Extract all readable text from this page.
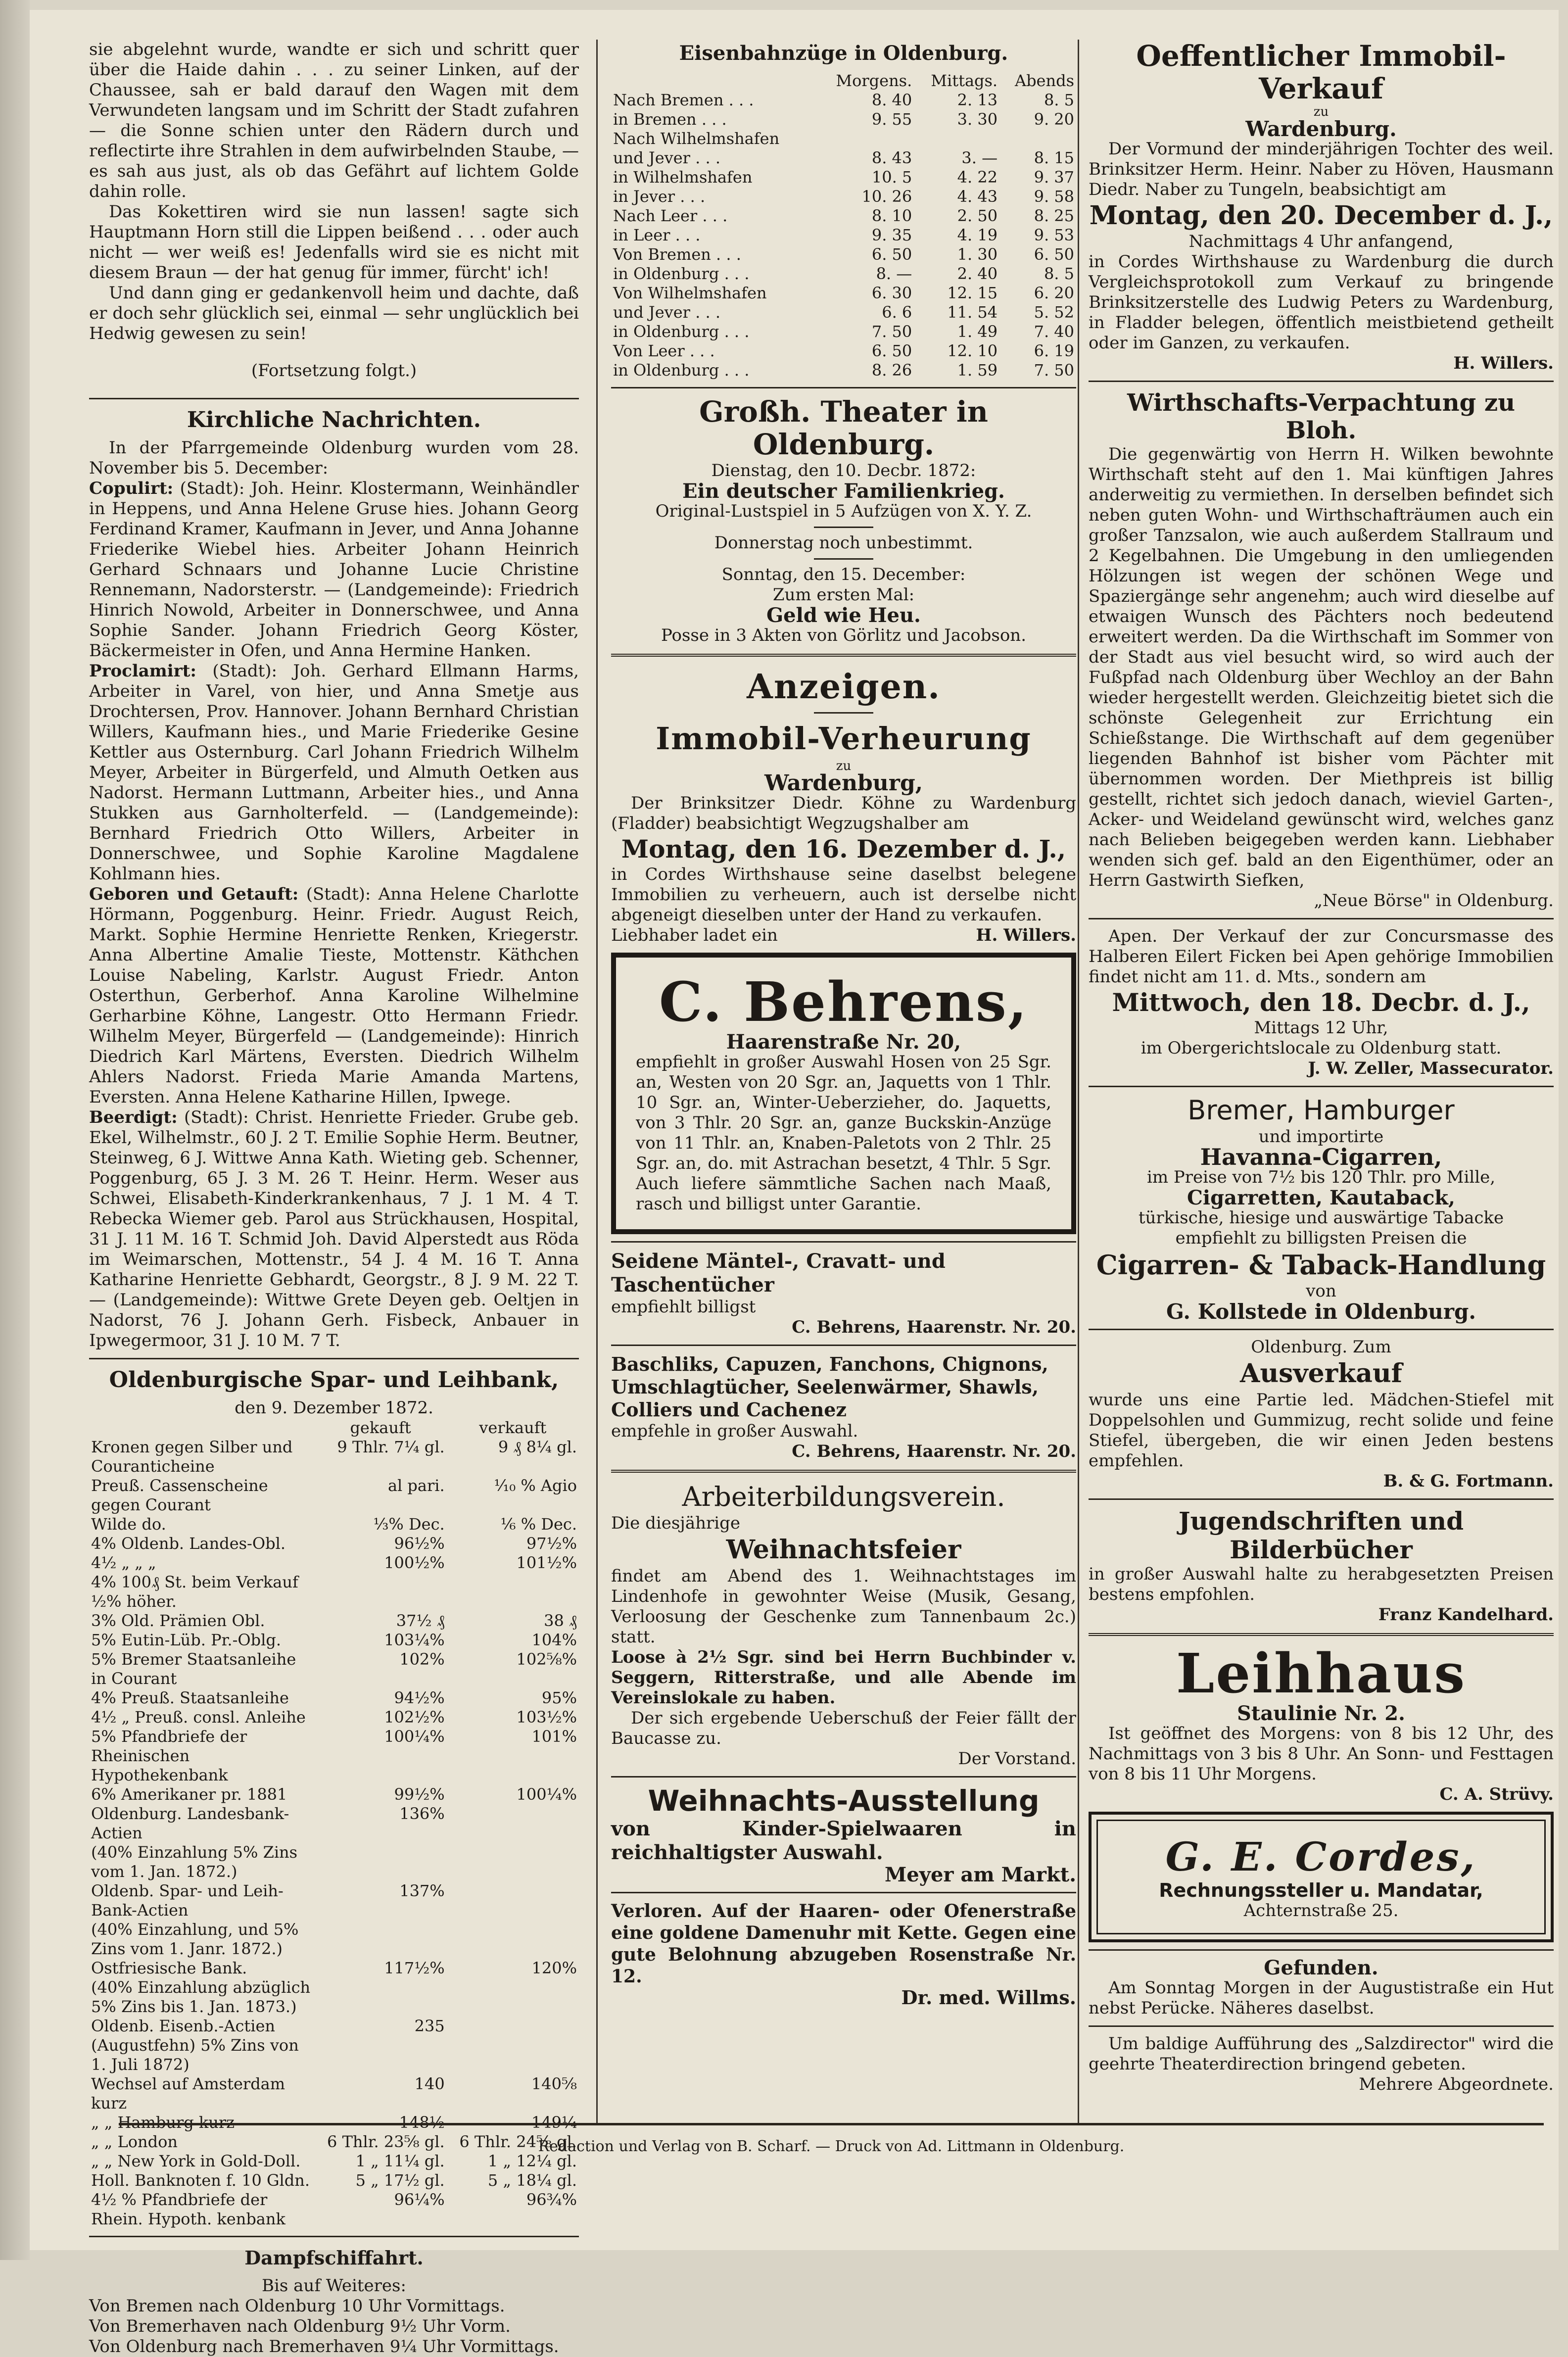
sie abgelehnt wurde, wandte er sich und schritt quer über die Haide dahin . . . zu seiner Linken, auf der Chaussee, sah er bald darauf den Wagen mit dem Verwundeten langsam und im Schritt der Stadt zufahren — die Sonne schien unter den Rädern durch und reflectirte ihre Strahlen in dem aufwirbelnden Staube, — es sah aus just, als ob das Gefährt auf lichtem Golde dahin rolle.

Das Kokettiren wird sie nun lassen! sagte sich Hauptmann Horn still die Lippen beißend . . . oder auch nicht — wer weiß es! Jedenfalls wird sie es nicht mit diesem Braun — der hat genug für immer, fürcht' ich!

Und dann ging er gedankenvoll heim und dachte, daß er doch sehr glücklich sei, einmal — sehr unglücklich bei Hedwig gewesen zu sein!

(Fortsetzung folgt.)

Kirchliche Nachrichten.

In der Pfarrgemeinde Oldenburg wurden vom 28. November bis 5. December:

Copulirt: (Stadt): Joh. Heinr. Klostermann, Weinhändler in Heppens, und Anna Helene Gruse hies. Johann Georg Ferdinand Kramer, Kaufmann in Jever, und Anna Johanne Friederike Wiebel hies. Arbeiter Johann Heinrich Gerhard Schnaars und Johanne Lucie Christine Rennemann, Nadorsterstr. — (Landgemeinde): Friedrich Hinrich Nowold, Arbeiter in Donnerschwee, und Anna Sophie Sander. Johann Friedrich Georg Köster, Bäckermeister in Ofen, und Anna Hermine Hanken.

Proclamirt: (Stadt): Joh. Gerhard Ellmann Harms, Arbeiter in Varel, von hier, und Anna Smetje aus Drochtersen, Prov. Hannover. Johann Bernhard Christian Willers, Kaufmann hies., und Marie Friederike Gesine Kettler aus Osternburg. Carl Johann Friedrich Wilhelm Meyer, Arbeiter in Bürgerfeld, und Almuth Oetken aus Nadorst. Hermann Luttmann, Arbeiter hies., und Anna Stukken aus Garnholterfeld. — (Landgemeinde): Bernhard Friedrich Otto Willers, Arbeiter in Donnerschwee, und Sophie Karoline Magdalene Kohlmann hies.

Geboren und Getauft: (Stadt): Anna Helene Charlotte Hörmann, Poggenburg. Heinr. Friedr. August Reich, Markt. Sophie Hermine Henriette Renken, Kriegerstr. Anna Albertine Amalie Tieste, Mottenstr. Käthchen Louise Nabeling, Karlstr. August Friedr. Anton Osterthun, Gerberhof. Anna Karoline Wilhelmine Gerharbine Köhne, Langestr. Otto Hermann Friedr. Wilhelm Meyer, Bürgerfeld — (Landgemeinde): Hinrich Diedrich Karl Märtens, Eversten. Diedrich Wilhelm Ahlers Nadorst. Frieda Marie Amanda Martens, Eversten. Anna Helene Katharine Hillen, Ipwege.

Beerdigt: (Stadt): Christ. Henriette Frieder. Grube geb. Ekel, Wilhelmstr., 60 J. 2 T. Emilie Sophie Herm. Beutner, Steinweg, 6 J. Wittwe Anna Kath. Wieting geb. Schenner, Poggenburg, 65 J. 3 M. 26 T. Heinr. Herm. Weser aus Schwei, Elisabeth-Kinderkrankenhaus, 7 J. 1 M. 4 T. Rebecka Wiemer geb. Parol aus Strückhausen, Hospital, 31 J. 11 M. 16 T. Schmid Joh. David Alperstedt aus Röda im Weimarschen, Mottenstr., 54 J. 4 M. 16 T. Anna Katharine Henriette Gebhardt, Georgstr., 8 J. 9 M. 22 T. — (Landgemeinde): Wittwe Grete Deyen geb. Oeltjen in Nadorst, 76 J. Johann Gerh. Fisbeck, Anbauer in Ipwegermoor, 31 J. 10 M. 7 T.

Oldenburgische Spar- und Leihbank,
den 9. Dezember 1872.
	gekauft	verkauft
Kronen gegen Silber und Couranticheine	9 Thlr. 7¼ gl.	9 ₰ 8¼ gl.
Preuß. Cassenscheine gegen Courant	al pari.	⅟₁₀ % Agio
Wilde do.	⅓% Dec.	⅙ % Dec.
4% Oldenb. Landes-Obl.	96½%	97½%
4½ „ „ „	100½%	101½%
4% 100₰ St. beim Verkauf ½% höher.		
3% Old. Prämien Obl.	37½ ₰	38 ₰
5% Eutin-Lüb. Pr.-Oblg.	103¼%	104%
5% Bremer Staatsanleihe in Courant	102%	102⅝%
4% Preuß. Staatsanleihe	94½%	95%
4½ „ Preuß. consl. Anleihe	102½%	103½%
5% Pfandbriefe der Rheinischen Hypothekenbank	100¼%	101%
6% Amerikaner pr. 1881	99½%	100¼%
Oldenburg. Landesbank-Actien	136%	
(40% Einzahlung 5% Zins vom 1. Jan. 1872.)		
Oldenb. Spar- und Leih-Bank-Actien	137%	
(40% Einzahlung, und 5% Zins vom 1. Janr. 1872.)		
Ostfriesische Bank.	117½%	120%
(40% Einzahlung abzüglich 5% Zins bis 1. Jan. 1873.)		
Oldenb. Eisenb.-Actien (Augustfehn) 5% Zins von 1. Juli 1872)	235	
Wechsel auf Amsterdam kurz	140	140⅝
„ „ Hamburg kurz	148½	149¼
„ „ London	6 Thlr. 23⅝ gl.	6 Thlr. 24⅝ gl.
„ „ New York in Gold-Doll.	1 „ 11¼ gl.	1 „ 12¼ gl.
Holl. Banknoten f. 10 Gldn.	5 „ 17½ gl.	5 „ 18¼ gl.
4½ % Pfandbriefe der Rhein. Hypoth. kenbank	96¼%	96¾%
Dampfschiffahrt.
Bis auf Weiteres:
Von Bremen nach Oldenburg 10 Uhr Vormittags.
Von Bremerhaven nach Oldenburg 9½ Uhr Vorm.
Von Oldenburg nach Bremerhaven 9¼ Uhr Vormittags.
Eisenbahnzüge in Oldenburg.
	Morgens.	Mittags.	Abends
Nach Bremen . . .	8. 40	2. 13	8. 5
in Bremen . . .	9. 55	3. 30	9. 20
Nach Wilhelmshafen			
und Jever . . .	8. 43	3. —	8. 15
in Wilhelmshafen	10. 5	4. 22	9. 37
in Jever . . .	10. 26	4. 43	9. 58
Nach Leer . . .	8. 10	2. 50	8. 25
in Leer . . .	9. 35	4. 19	9. 53
Von Bremen . . .	6. 50	1. 30	6. 50
in Oldenburg . . .	8. —	2. 40	8. 5
Von Wilhelmshafen	6. 30	12. 15	6. 20
und Jever . . .	6. 6	11. 54	5. 52
in Oldenburg . . .	7. 50	1. 49	7. 40
Von Leer . . .	6. 50	12. 10	6. 19
in Oldenburg . . .	8. 26	1. 59	7. 50
Großh. Theater in Oldenburg.
Dienstag, den 10. Decbr. 1872:
Ein deutscher Familienkrieg.
Original-Lustspiel in 5 Aufzügen von X. Y. Z.
Donnerstag noch unbestimmt.
Sonntag, den 15. December:
Zum ersten Mal:
Geld wie Heu.
Posse in 3 Akten von Görlitz und Jacobson.
Anzeigen.
Immobil-Verheurung
zu
Wardenburg,

Der Brinksitzer Diedr. Köhne zu Wardenburg (Fladder) beabsichtigt Wegzugshalber am

Montag, den 16. Dezember d. J.,

in Cordes Wirthshause seine daselbst belegene Immobilien zu verheuern, auch ist derselbe nicht abgeneigt dieselben unter der Hand zu verkaufen.

Liebhaber ladet ein	H. Willers.
C. Behrens,
Haarenstraße Nr. 20,

empfiehlt in großer Auswahl Hosen von 25 Sgr. an, Westen von 20 Sgr. an, Jaquetts von 1 Thlr. 10 Sgr. an, Winter-Ueberzieher, do. Jaquetts, von 3 Thlr. 20 Sgr. an, ganze Buckskin-Anzüge von 11 Thlr. an, Knaben-Paletots von 2 Thlr. 25 Sgr. an, do. mit Astrachan besetzt, 4 Thlr. 5 Sgr. Auch liefere sämmtliche Sachen nach Maaß, rasch und billigst unter Garantie.

Seidene Mäntel-, Cravatt- und Taschentücher
empfiehlt billigst
C. Behrens, Haarenstr. Nr. 20.
Baschliks, Capuzen, Fanchons, Chignons, Umschlagtücher, Seelenwärmer, Shawls, Colliers und Cachenez
empfehle in großer Auswahl.
C. Behrens, Haarenstr. Nr. 20.
Arbeiterbildungsverein.
Die diesjährige
Weihnachtsfeier

findet am Abend des 1. Weihnachtstages im Lindenhofe in gewohnter Weise (Musik, Gesang, Verloosung der Geschenke zum Tannenbaum 2c.) statt.

Loose à 2½ Sgr. sind bei Herrn Buchbinder v. Seggern, Ritterstraße, und alle Abende im Vereinslokale zu haben.

Der sich ergebende Ueberschuß der Feier fällt der Baucasse zu.

Der Vorstand.
Weihnachts-Ausstellung
von Kinder-Spielwaaren in reichhaltigster Auswahl.
Meyer am Markt.

Verloren. Auf der Haaren- oder Ofenerstraße eine goldene Damenuhr mit Kette. Gegen eine gute Belohnung abzugeben Rosenstraße Nr. 12.

Dr. med. Willms.
Oeffentlicher Immobil-Verkauf
zu
Wardenburg.

Der Vormund der minderjährigen Tochter des weil. Brinksitzer Herm. Heinr. Naber zu Höven, Hausmann Diedr. Naber zu Tungeln, beabsichtigt am

Montag, den 20. December d. J.,
Nachmittags 4 Uhr anfangend,

in Cordes Wirthshause zu Wardenburg die durch Vergleichsprotokoll zum Verkauf zu bringende Brinksitzerstelle des Ludwig Peters zu Wardenburg, in Fladder belegen, öffentlich meistbietend getheilt oder im Ganzen, zu verkaufen.

H. Willers.
Wirthschafts-Verpachtung zu Bloh.

Die gegenwärtig von Herrn H. Wilken bewohnte Wirthschaft steht auf den 1. Mai künftigen Jahres anderweitig zu vermiethen. In derselben befindet sich neben guten Wohn- und Wirthschafträumen auch ein großer Tanzsalon, wie auch außerdem Stallraum und 2 Kegelbahnen. Die Umgebung in den umliegenden Hölzungen ist wegen der schönen Wege und Spaziergänge sehr angenehm; auch wird dieselbe auf etwaigen Wunsch des Pächters noch bedeutend erweitert werden. Da die Wirthschaft im Sommer von der Stadt aus viel besucht wird, so wird auch der Fußpfad nach Oldenburg über Wechloy an der Bahn wieder hergestellt werden. Gleichzeitig bietet sich die schönste Gelegenheit zur Errichtung ein Schießstange. Die Wirthschaft auf dem gegenüber liegenden Bahnhof ist bisher vom Pächter mit übernommen worden. Der Miethpreis ist billig gestellt, richtet sich jedoch danach, wieviel Garten-, Acker- und Weideland gewünscht wird, welches ganz nach Belieben beigegeben werden kann. Liebhaber wenden sich gef. bald an den Eigenthümer, oder an Herrn Gastwirth Siefken,

„Neue Börse" in Oldenburg.

Apen. Der Verkauf der zur Concursmasse des Halberen Eilert Ficken bei Apen gehörige Immobilien findet nicht am 11. d. Mts., sondern am

Mittwoch, den 18. Decbr. d. J.,
Mittags 12 Uhr,
im Obergerichtslocale zu Oldenburg statt.
J. W. Zeller, Massecurator.
Bremer, Hamburger
und importirte
Havanna-Cigarren,
im Preise von 7½ bis 120 Thlr. pro Mille,
Cigarretten, Kautaback,
türkische, hiesige und auswärtige Tabacke
empfiehlt zu billigsten Preisen die
Cigarren- & Taback-Handlung
von
G. Kollstede in Oldenburg.
Oldenburg. Zum
Ausverkauf

wurde uns eine Partie led. Mädchen-Stiefel mit Doppelsohlen und Gummizug, recht solide und feine Stiefel, übergeben, die wir einen Jeden bestens empfehlen.

B. & G. Fortmann.
Jugendschriften und Bilderbücher

in großer Auswahl halte zu herabgesetzten Preisen bestens empfohlen.

Franz Kandelhard.
Leihhaus
Staulinie Nr. 2.

Ist geöffnet des Morgens: von 8 bis 12 Uhr, des Nachmittags von 3 bis 8 Uhr. An Sonn- und Festtagen von 8 bis 11 Uhr Morgens.

C. A. Strüvy.
G. E. Cordes,
Rechnungssteller u. Mandatar,
Achternstraße 25.
Gefunden.

Am Sonntag Morgen in der Augustistraße ein Hut nebst Perücke. Näheres daselbst.

Um baldige Aufführung des „Salzdirector" wird die geehrte Theaterdirection bringend gebeten.

Mehrere Abgeordnete.
Redaction und Verlag von B. Scharf. — Druck von Ad. Littmann in Oldenburg.
